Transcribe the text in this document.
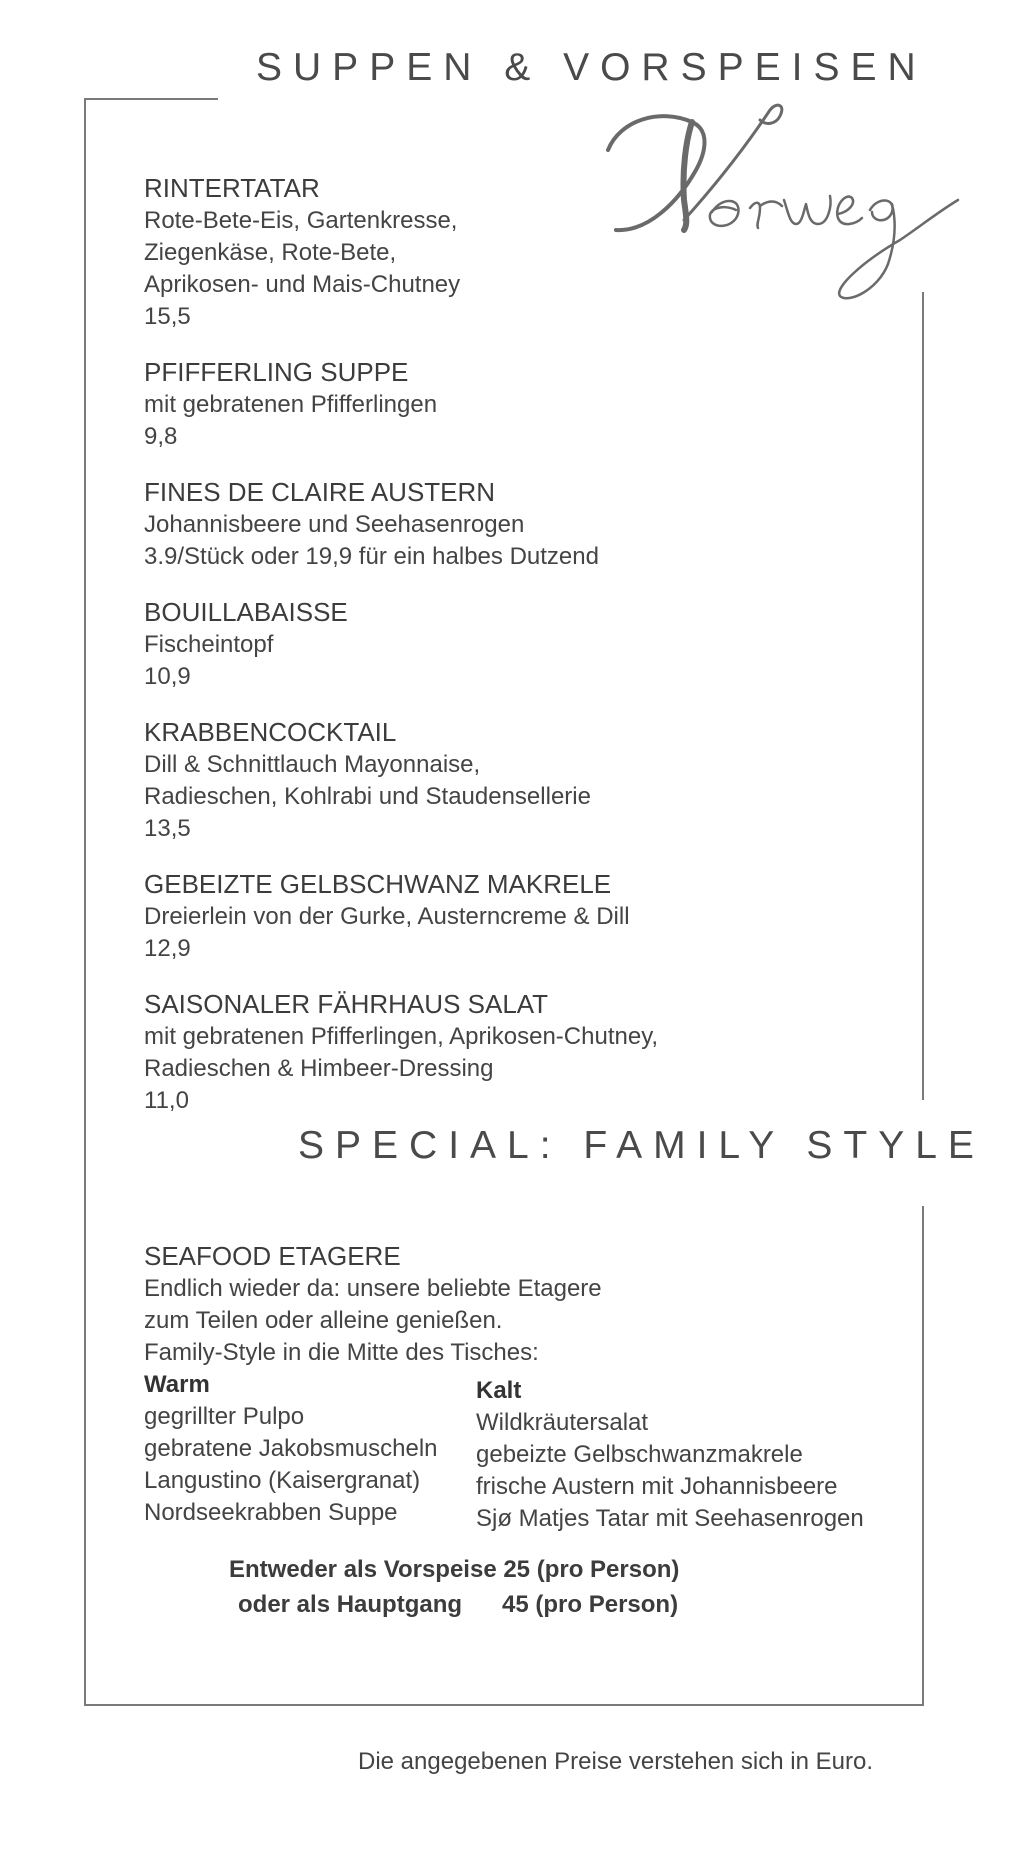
SUPPEN & VORSPEISEN
RINTERTATAR
Rote-Bete-Eis, Gartenkresse,
Ziegenkäse, Rote-Bete,
Aprikosen- und Mais-Chutney
15,5
PFIFFERLING SUPPE
mit gebratenen Pfifferlingen
9,8
FINES DE CLAIRE AUSTERN
Johannisbeere und Seehasenrogen
3.9/Stück oder 19,9 für ein halbes Dutzend
BOUILLABAISSE
Fischeintopf
10,9
KRABBENCOCKTAIL
Dill & Schnittlauch Mayonnaise,
Radieschen, Kohlrabi und Staudensellerie
13,5
GEBEIZTE GELBSCHWANZ MAKRELE
Dreierlein von der Gurke, Austerncreme & Dill
12,9
SAISONALER FÄHRHAUS SALAT
mit gebratenen Pfifferlingen, Aprikosen-Chutney,
Radieschen & Himbeer-Dressing
11,0
SPECIAL: FAMILY STYLE
SEAFOOD ETAGERE
Endlich wieder da: unsere beliebte Etagere
zum Teilen oder alleine genießen.
Family-Style in die Mitte des Tisches:
Warm
gegrillter Pulpo
gebratene Jakobsmuscheln
Langustino (Kaisergranat)
Nordseekrabben Suppe
Kalt
Wildkräutersalat
gebeizte Gelbschwanzmakrele
frische Austern mit Johannisbeere
Sjø Matjes Tatar mit Seehasenrogen
Entweder als Vorspeise 25 (pro Person)
oder als Hauptgang      45 (pro Person)
Die angegebenen Preise verstehen sich in Euro.
